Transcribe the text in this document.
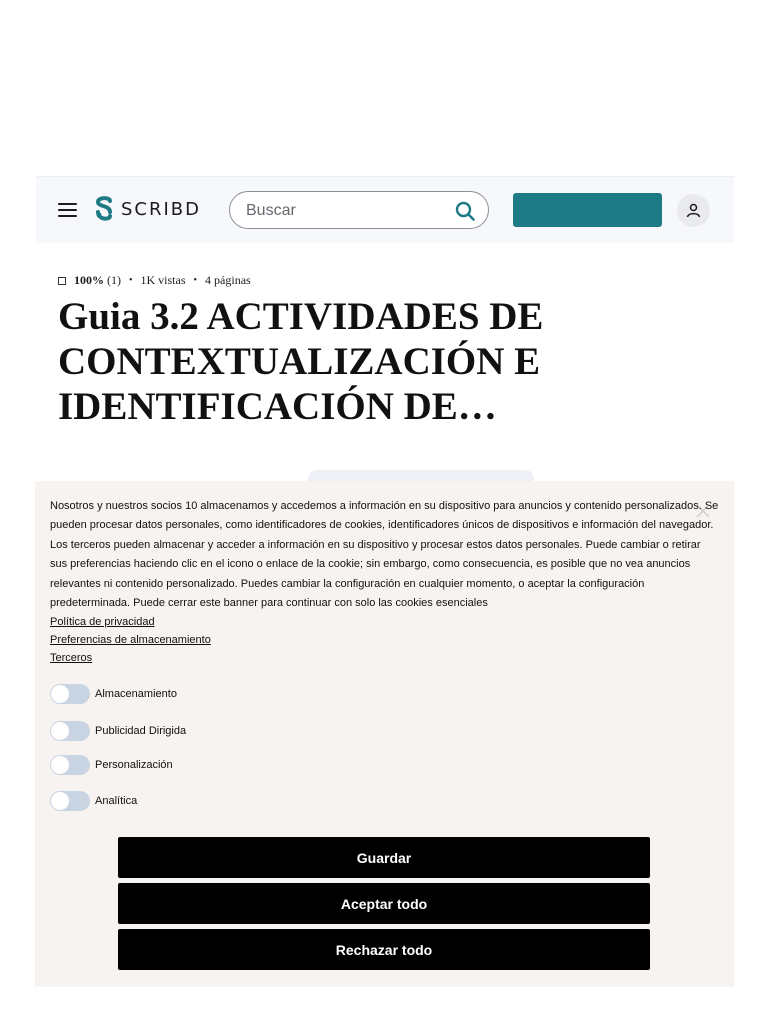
SCRIBD
Buscar
100% (1) • 1K vistas • 4 páginas
Guia 3.2 ACTIVIDADES DE CONTEXTUALIZACIÓN E IDENTIFICACIÓN DE…

Nosotros y nuestros socios 10 almacenamos y accedemos a información en su dispositivo para anuncios y contenido personalizados. Se pueden procesar datos personales, como identificadores de cookies, identificadores únicos de dispositivos e información del navegador. Los terceros pueden almacenar y acceder a información en su dispositivo y procesar estos datos personales. Puede cambiar o retirar sus preferencias haciendo clic en el icono o enlace de la cookie; sin embargo, como consecuencia, es posible que no vea anuncios relevantes ni contenido personalizado. Puedes cambiar la configuración en cualquier momento, o aceptar la configuración predeterminada. Puede cerrar este banner para continuar con solo las cookies esenciales

Política de privacidad
Preferencias de almacenamiento
Terceros
Almacenamiento
Publicidad Dirigida
Personalización
Analítica
Guardar
Aceptar todo
Rechazar todo
